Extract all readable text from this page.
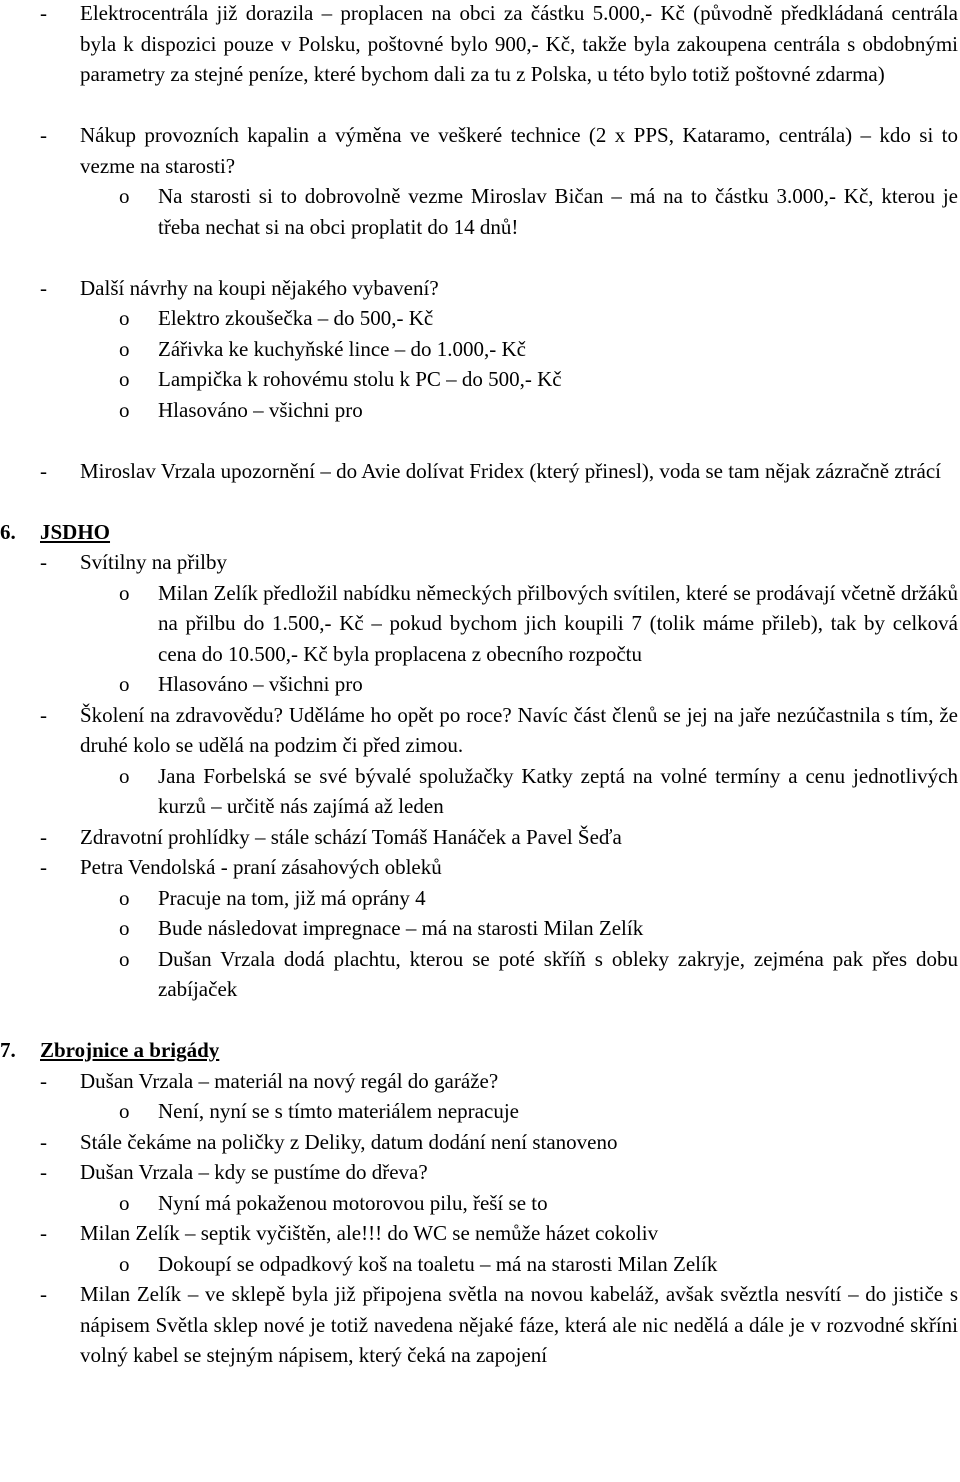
- Elektrocentrála již dorazila – proplacen na obci za částku 5.000,- Kč (původně předkládaná centrála byla k dispozici pouze v Polsku, poštovné bylo 900,- Kč, takže byla zakoupena centrála s obdobnými parametry za stejné peníze, které bychom dali za tu z Polska, u této bylo totiž poštovné zdarma)
- Nákup provozních kapalin a výměna ve veškeré technice (2 x PPS, Kataramo, centrála) – kdo si to vezme na starosti?
o Na starosti si to dobrovolně vezme Miroslav Bičan – má na to částku 3.000,- Kč, kterou je třeba nechat si na obci proplatit do 14 dnů!
- Další návrhy na koupi nějakého vybavení?
o Elektro zkoušečka – do 500,- Kč
o Zářivka ke kuchyňské lince – do 1.000,- Kč
o Lampička k rohovému stolu k PC – do 500,- Kč
o Hlasováno – všichni pro
- Miroslav Vrzala upozornění – do Avie dolívat Fridex (který přinesl), voda se tam nějak zázračně ztrácí
6. JSDHO
- Svítilny na přilby
o Milan Zelík předložil nabídku německých přilbových svítilen, které se prodávají včetně držáků na přilbu do 1.500,- Kč – pokud bychom jich koupili 7 (tolik máme přileb), tak by celková cena do 10.500,- Kč byla proplacena z obecního rozpočtu
o Hlasováno – všichni pro
- Školení na zdravovědu? Uděláme ho opět po roce? Navíc část členů se jej na jaře nezúčastnila s tím, že druhé kolo se udělá na podzim či před zimou.
o Jana Forbelská se své bývalé spolužačky Katky zeptá na volné termíny a cenu jednotlivých kurzů – určitě nás zajímá až leden
- Zdravotní prohlídky – stále schází Tomáš Hanáček a Pavel Šeďa
- Petra Vendolská - praní zásahových obleků
o Pracuje na tom, již má oprány 4
o Bude následovat impregnace – má na starosti Milan Zelík
o Dušan Vrzala dodá plachtu, kterou se poté skříň s obleky zakryje, zejména pak přes dobu zabíjaček
7. Zbrojnice a brigády
- Dušan Vrzala – materiál na nový regál do garáže?
o Není, nyní se s tímto materiálem nepracuje
- Stále čekáme na poličky z Deliky, datum dodání není stanoveno
- Dušan Vrzala – kdy se pustíme do dřeva?
o Nyní má pokaženou motorovou pilu, řeší se to
- Milan Zelík – septik vyčištěn, ale!!! do WC se nemůže házet cokoliv
o Dokoupí se odpadkový koš na toaletu – má na starosti Milan Zelík
- Milan Zelík – ve sklepě byla již připojena světla na novou kabeláž, avšak svěztla nesvítí – do jističe s nápisem Světla sklep nové je totiž navedena nějaké fáze, která ale nic nedělá a dále je v rozvodné skříni volný kabel se stejným nápisem, který čeká na zapojení
